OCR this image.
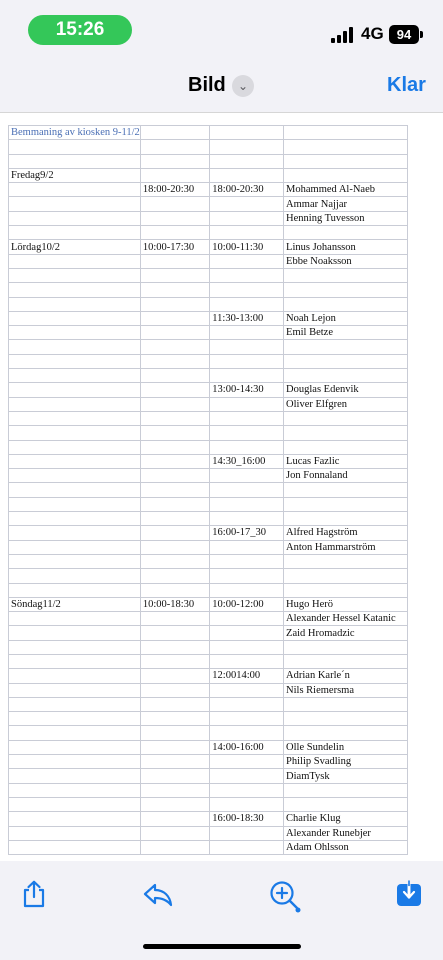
15:26	4G	94
Bild	⌄	Klar
Bemmaning av kiosken 9-11/2			

Fredag9/2			
	18:00-20:30	18:00-20:30	Mohammed Al-Naeb
			Ammar Najjar
			Henning Tuvesson

Lördag10/2	10:00-17:30	10:00-11:30	Linus Johansson
			Ebbe Noaksson

		11:30-13:00	Noah Lejon
			Emil Betze

		13:00-14:30	Douglas Edenvik
			Oliver Elfgren

		14:30_16:00	Lucas Fazlic
			Jon Fonnaland

		16:00-17_30	Alfred Hagström
			Anton Hammarström

Söndag11/2	10:00-18:30	10:00-12:00	Hugo Herö
			Alexander Hessel Katanic
			Zaid Hromadzic

		12:0014:00	Adrian Karle´n
			Nils Riemersma

		14:00-16:00	Olle Sundelin
			Philip Svadling
			DiamTysk

		16:00-18:30	Charlie Klug
			Alexander Runebjer
			Adam Ohlsson
